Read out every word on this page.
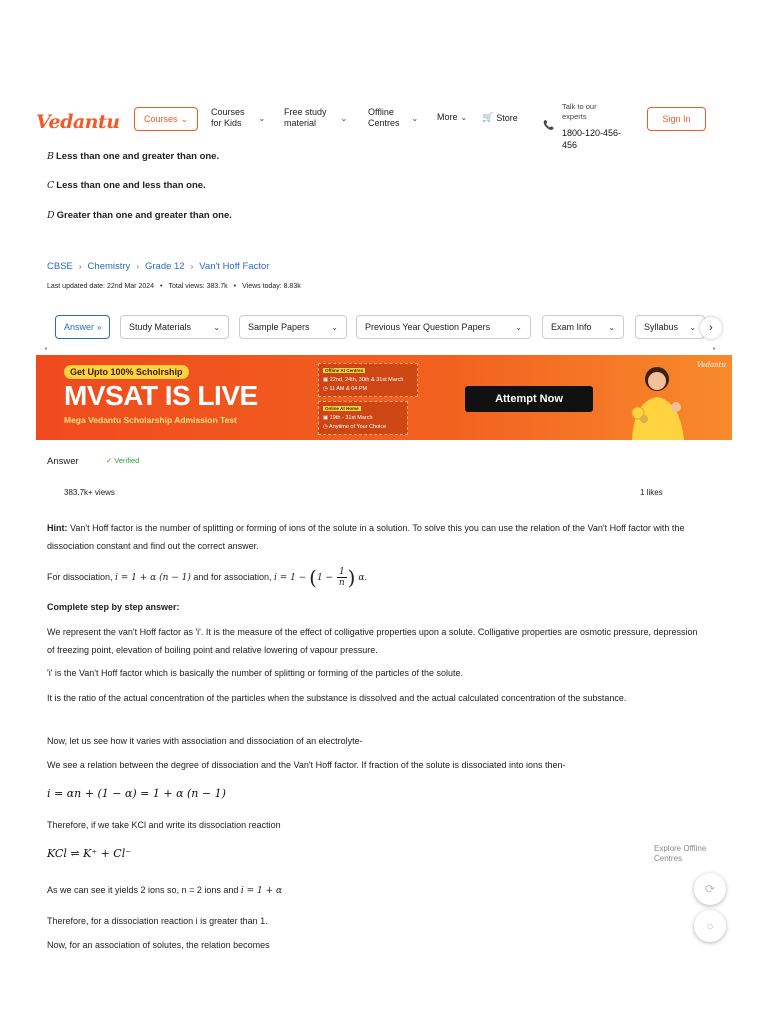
Vedantu	Courses ⌄
Courses
for Kids	⌄
Free study
material	⌄
Offline
Centres ⌄ More ⌄ 🛒 Store
📞
Talk to our experts
1800-120-456-456
Sign In
B Less than one and greater than one.
C Less than one and less than one.
D Greater than one and greater than one.
CBSE › Chemistry › Grade 12 › Van't Hoff Factor
Last updated date: 22nd Mar 2024 • Total views: 383.7k • Views today: 8.83k
Answer »	Study Materials	⌄	Sample Papers	⌄	Previous Year Question Papers	⌄	Exam Info ⌄	Syllabus ⌄	›
◂	▸
Get Upto 100% Scholrship
MVSAT IS LIVE
Mega Vedantu Scholarship Admission Test
Offline At Centres
▣ 22nd, 24th, 30th & 31st March
◷ 11 AM & 04 PM
Online At Home
▣ 19th - 31st March
◷ Anytime of Your Choice
Attempt Now
Vedantu
Answer	✓ Verified
383.7k+ views	1 likes
Hint: Van't Hoff factor is the number of splitting or forming of ions of the solute in a solution. To solve this you can use the relation of the Van't Hoff factor with the dissociation constant and find out the correct answer.
For dissociation, i = 1 + α (n − 1) and for association, $i = 1 - (1 - \frac{1}{n}$ ) α.
Complete step by step answer:
We represent the van't Hoff factor as 'i'. It is the measure of the effect of colligative properties upon a solute. Colligative properties are osmotic pressure, depression of freezing point, elevation of boiling point and relative lowering of vapour pressure.
'i' is the Van't Hoff factor which is basically the number of splitting or forming of the particles of the solute.
It is the ratio of the actual concentration of the particles when the substance is dissolved and the actual calculated concentration of the substance.
Now, let us see how it varies with association and dissociation of an electrolyte-
We see a relation between the degree of dissociation and the Van't Hoff factor. If fraction of the solute is dissociated into ions then-
i = αn + (1 − α) = 1 + α (n − 1)
Therefore, if we take KCl and write its dissociation reaction
KCl ⇌ K⁺ + Cl⁻
As we can see it yields 2 ions so, n = 2 ions and i = 1 + α
Therefore, for a dissociation reaction i is greater than 1.
Now, for an association of solutes, the relation becomes
Explore Offline Centres
⟳
○
